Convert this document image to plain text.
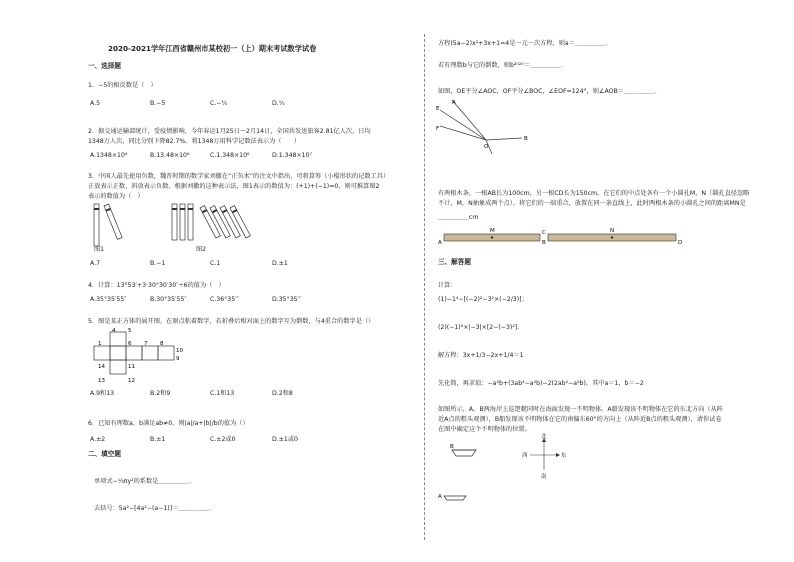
2020-2021学年江西省赣州市某校初一（上）期末考试数学试卷
一、选择题
1．−5的相反数是（　）
A.5	B.−5	C.−⅕	D.⅕
2．据交通运输部统计，受疫情影响，今年春运1月25日～2月14日，全国共发送旅客2.81亿人次，日均
1348万人次，同比分别下降82.7%。将1348万用科学记数法表示为（　　）
A.1348×10⁴	B.13.48×10⁶	C.1.348×10⁶	D.1.348×10⁷
3．中国人最先使用负数，魏晋时期的数学家刘徽在“正负术”的注文中指出，可将算筹（小棍形状的记数工具）
正放表示正数，斜放表示负数。根据刘徽的这种表示法，图1表示的数值为：(+1)+(−1)=0，则可推算图2
表示的数值为（　）
图1	图2
A.7	B.−1	C.1	D.±1
4．计算：13°53′+3·30°30′30″÷6的值为（　）
A.35°35′55″	B.30°35′55″	C.36°35′″	D.35°35′″
5．图是某正方体的展开图，在原点粘着数字，若折叠后相对面上的数字互为倒数，与4重合的数字是（）
4 5
6 7 8
1
10
9
11
14
13	12
A.9和13	B.2和9	C.1和13	D.2和8
6．已知有理数a，b满足ab≠0，则|a|/a+|b|/b的值为（）
A.±2	B.±1	C.±2或0	D.±1或0
二、填空题
单项式−⅓πy²的系数是＿＿＿＿＿．
去括号：5a²−[4a²−(a−1)]＝＿＿＿＿＿．
方程(5a−2)x²+3x+1=4是一元一次方程，则a＝＿＿＿＿＿．
若有理数b与它的倒数，则b²⁰²⁰＝＿＿＿＿＿．
如图，OE平分∠AOC，OF平分∠BOC，∠EOF=124°，则∠AOB＝＿＿＿＿＿．
A
E
F
O
B
有两根木条，一根AB长为100cm，另一根CD长为150cm，在它们的中点处各有一个小圆孔M，N（圆孔直径忽略
不计，M，N抽象成两个点），将它们的一端重合，放置在同一条直线上，此时两根木条的小圆孔之间的距离MN是
＿＿＿＿＿cm
A
M
B
C	N
D
三、解答题
计算：
(1)−1⁴−[(−2)²−3²×(−2/3)]；
(2)(−1)⁴×|−3|×[2−(−3)²]．
解方程：3x+1/3−2x+1/4＝1
先化简，再求值：−a²b+(3ab²−a²b)−2(2ab²−a²b)，其中a＝1，b＝−2
如图所示，A，B两海岸上巡逻艇同时在海面发现一不明物体。A船发现该不明物体在它的东北方向（从阵
近A点的粗头观测），B船发现该不明物体在它的南偏东60°的方向上（从阵近B点的粗头观测），请你试卷
在图中确定这个不明物体的位置。
B
北
南
西	东
A
